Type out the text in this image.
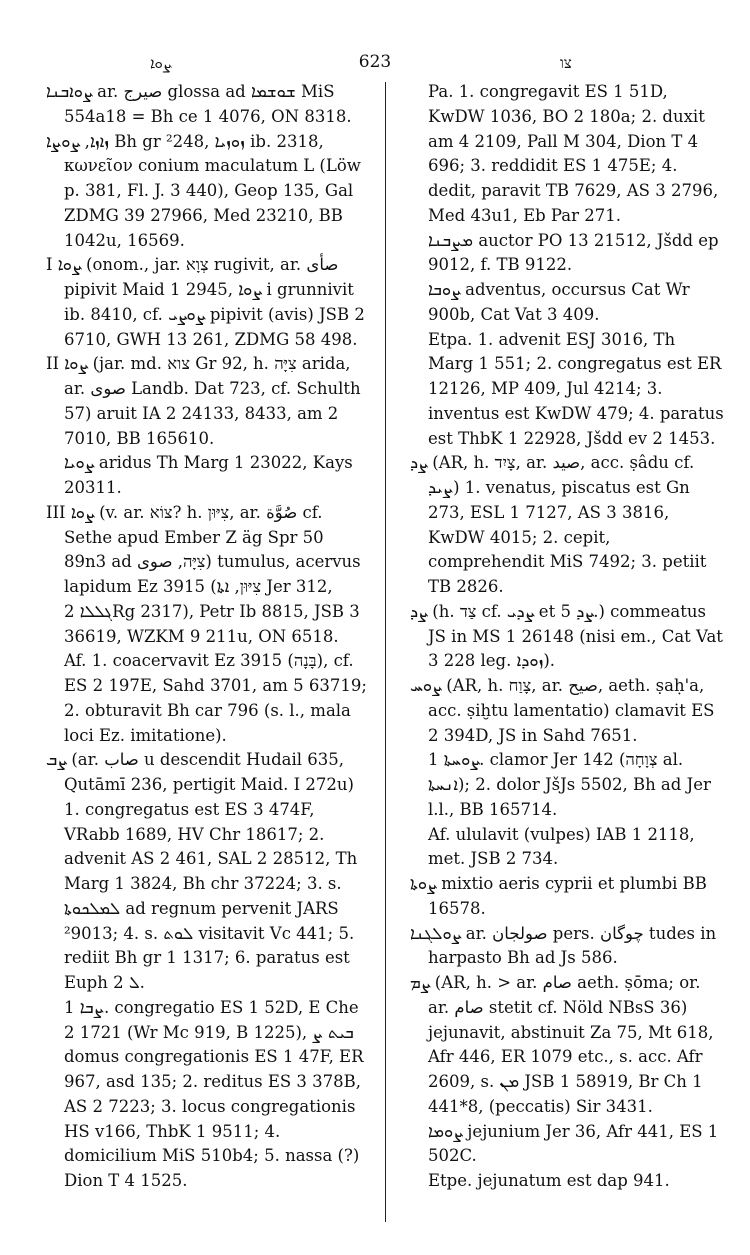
ܨܘܐ	623	צו

ܨܘܐܒܢܐ ar. صيرج glossa ad ܫܘܫܡܐ MiS 554a18 = Bh ce 1 4076, ON 8318.

ܙܐܙܐ, ܨܘܨܐ Bh gr ²248, ܙܘܙܝܐ ib. 2318, κωνεῖον conium maculatum L (Löw p. 381, Fl. J. 3 440), Geop 135, Gal ZDMG 39 27966, Med 23210, BB 1042u, 16569.

I ܨܘܐ (onom., jar. צְוָא rugivit, ar. صأى pipivit Maid 1 2945, ܨܘܐ i grunnivit ib. 8410, cf. ܨܘܨܝ pipivit (avis) JSB 2 6710, GWH 13 261, ZDMG 58 498.

II ܨܘܐ (jar. md. צוא Gr 92, h. צִיָּה arida, ar. صوى Landb. Dat 723, cf. Schulth 57) aruit IA 2 24133, 8433, am 2 7010, BB 165610.

ܨܘܝܐ aridus Th Marg 1 23022, Kays 20311.

III ܨܘܐ (v. ar. צוֹא? h. צִיּוּן, ar. صُوَّة cf. Sethe apud Ember Z äg Spr 50 89n3 ad צִיָּה, صوى) tumulus, acervus lapidum Ez 3915 (צִיּוּן, ܐܬܐ Jer 312, ܓܠܠܐ 2Rg 2317), Petr Ib 8815, JSB 3 36619, WZKM 9 211u, ON 6518.

Af. 1. coacervavit Ez 3915 (בָּנָה), cf. ES 2 197E, Sahd 3701, am 5 63719; 2. obturavit Bh car 796 (s. l., mala loci Ez. imitatione).

ܨܒ (ar. صاب u descendit Hudail 635, Qutāmī 236, pertigit Maid. I 272u) 1. congregatus est ES 3 474F, VRabb 1689, HV Chr 18617; 2. advenit AS 2 461, SAL 2 28512, Th Marg 1 3824, Bh chr 37224; 3. s. ܠܡܠܟܘܬܐ ad regnum pervenit JARS ²9013; 4. s. ܠܘܬ visitavit Vc 441; 5. rediit Bh gr 1 1317; 6. paratus est Euph ܠ 2.

ܨܒܐ 1. congregatio ES 1 52D, E Che 2 1721 (Wr Mc 919, B 1225), ܒܝܬ ܨ domus congregationis ES 1 47F, ER 967, asd 135; 2. reditus ES 3 378B, AS 2 7223; 3. locus congregationis HS v166, ThbK 1 9511; 4. domicilium MiS 510b4; 5. nassa (?) Dion T 4 1525.

Pa. 1. congregavit ES 1 51D, KwDW 1036, BO 2 180a; 2. duxit am 4 2109, Pall M 304, Dion T 4 696; 3. reddidit ES 1 475E; 4. dedit, paravit TB 7629, AS 3 2796, Med 43u1, Eb Par 271.

ܡܨܒܢܐ auctor PO 13 21512, Jšdd ep 9012, f. TB 9122.

ܨܘܒܐ adventus, occursus Cat Wr 900b, Cat Vat 3 409.

Etpa. 1. advenit ESJ 3016, Th Marg 1 551; 2. congregatus est ER 12126, MP 409, Jul 4214; 3. inventus est KwDW 479; 4. paratus est ThbK 1 22928, Jšdd ev 2 1453.

ܨܕ (AR, h. צָיִד, ar. صيد, acc. ṣâdu cf. ܨܝܕ) 1. venatus, piscatus est Gn 273, ESL 1 7127, AS 3 3816, KwDW 4015; 2. cepit, comprehendit MiS 7492; 3. petiit TB 2826.

ܨܕ (h. צַד cf. ܨܕܝ et ܨܕ 5.) commeatus JS in MS 1 26148 (nisi em., Cat Vat 3 228 leg. ܙܘܕܐ).

ܨܘܚ (AR, h. צָוַח, ar. صيح, aeth. ṣaḥ'a, acc. ṣiḫtu lamentatio) clamavit ES 2 394D, JS in Sahd 7651.

ܨܘܚܬܐ 1. clamor Jer 142 (צְוָחָה al. ܐܢܚܬܐ); 2. dolor JšJs 5502, Bh ad Jer l.l., BB 165714.

Af. ululavit (vulpes) IAB 1 2118, met. JSB 2 734.

ܨܘܬܐ mixtio aeris cyprii et plumbi BB 16578.

ܨܘܠܓܢܐ ar. صولجان pers. چوگان tudes in harpasto Bh ad Js 586.

ܨܡ (AR, h. > ar. صام aeth. ṣōma; or. ar. صام stetit cf. Nöld NBsS 36) jejunavit, abstinuit Za 75, Mt 618, Afr 446, ER 1079 etc., s. acc. Afr 2609, s. ܡܢ JSB 1 58919, Br Ch 1 441*8, (peccatis) Sir 3431.

ܨܘܡܐ jejunium Jer 36, Afr 441, ES 1 502C.

Etpe. jejunatum est dap 941.
